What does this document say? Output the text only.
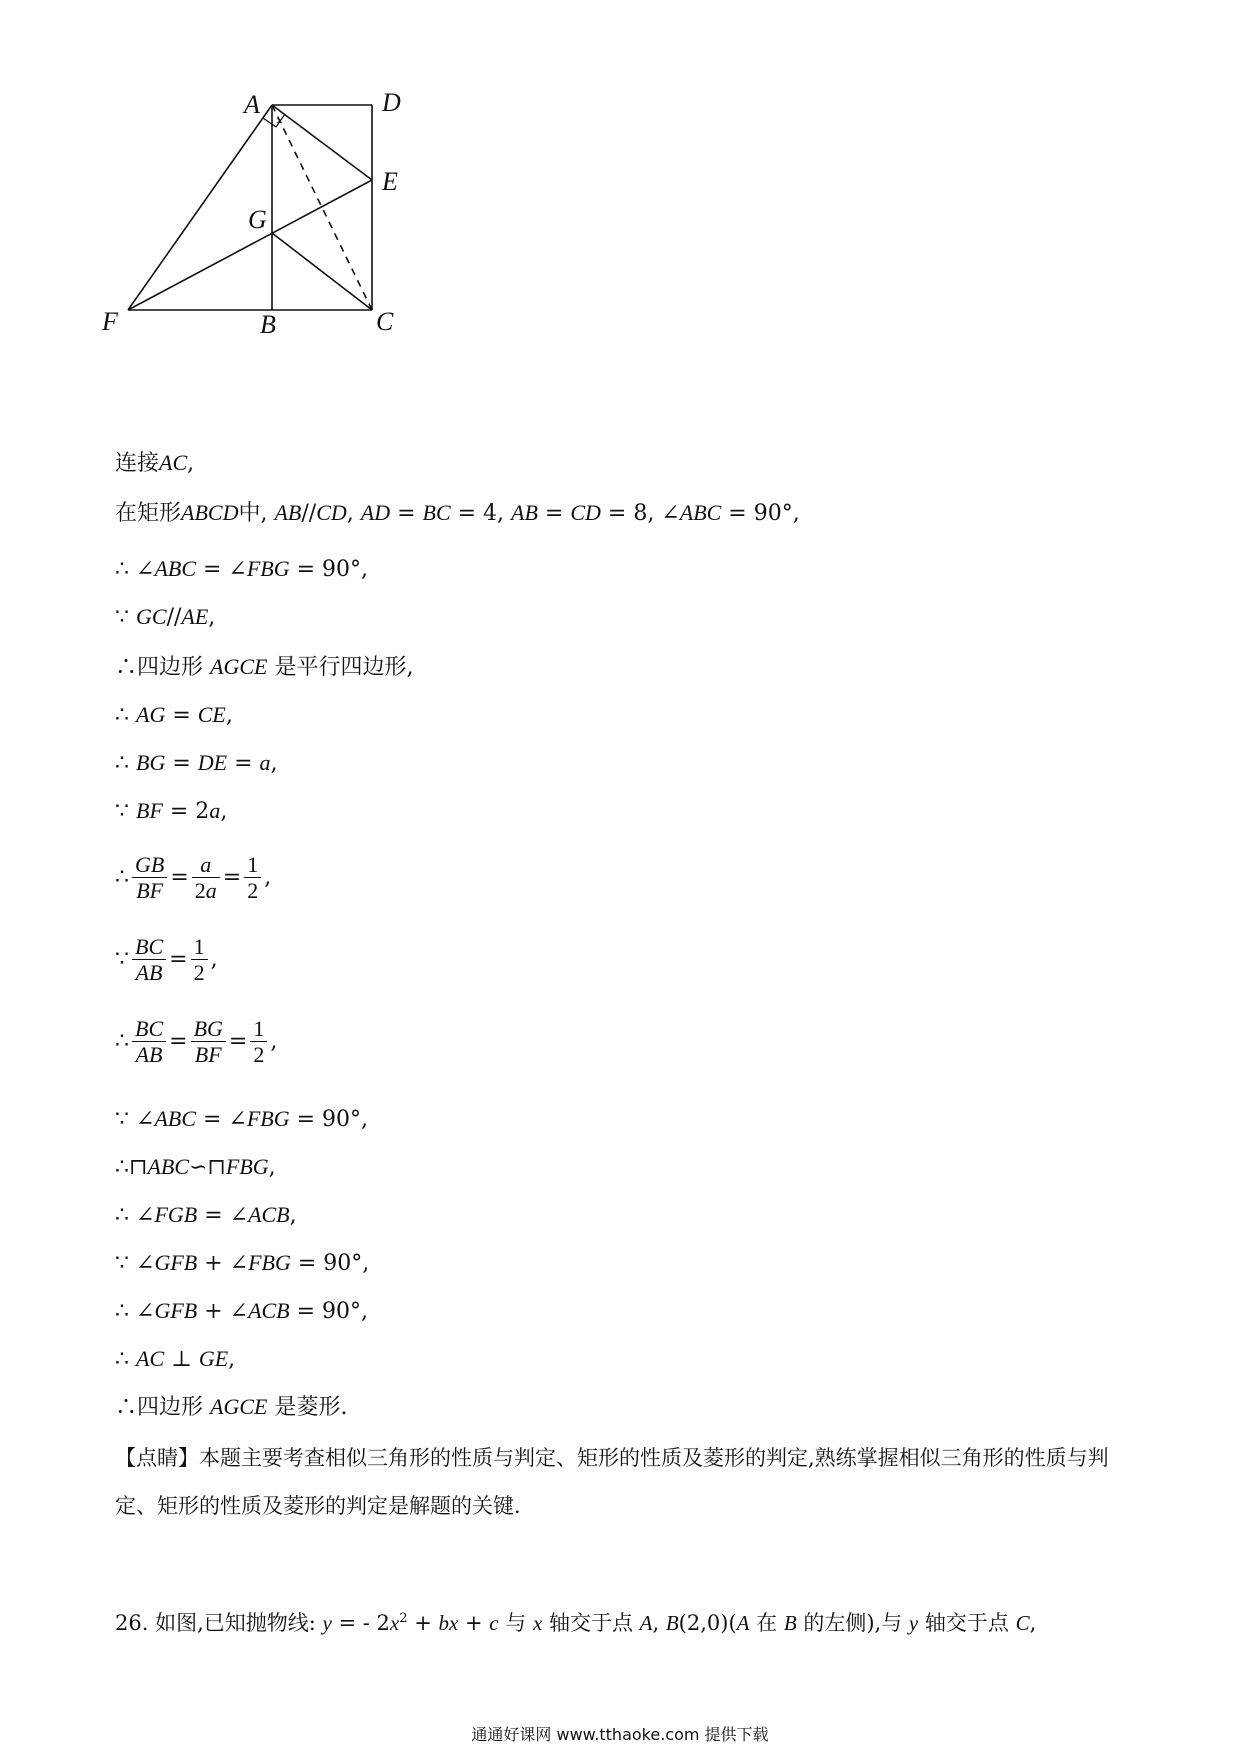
×
A	D
E
G
F	B	C
连接AC,
在矩形ABCD中, AB//CD, AD = BC = 4, AB = CD = 8, ∠ABC = 90°,
∴ ∠ABC = ∠FBG = 90°,
∵ GC//AE,
∴四边形 AGCE 是平行四边形,
∴ AG = CE,
∴ BG = DE = a,
∵ BF = 2a,
∴ $\frac{GB}{BF} = \frac{a}{2a} = \frac{1}{2}$ ,
∵ $\frac{BC}{AB} = \frac{1}{2}$ ,
∴ $\frac{BC}{AB} = \frac{BG}{BF} = \frac{1}{2}$ ,
∵ ∠ABC = ∠FBG = 90°,
∴⊓ABC∽⊓FBG,
∴ ∠FGB = ∠ACB,
∵ ∠GFB + ∠FBG = 90°,
∴ ∠GFB + ∠ACB = 90°,
∴ AC ⊥ GE,
∴四边形 AGCE 是菱形.
【点睛】本题主要考查相似三角形的性质与判定、矩形的性质及菱形的判定,熟练掌握相似三角形的性质与判定、矩形的性质及菱形的判定是解题的关键.
26. 如图,已知抛物线: y = - $2x^2$ + bx + c 与 x 轴交于点 A, B(2,0)(A 在 B 的左侧),与 y 轴交于点 C,
通通好课网 www.tthaoke.com 提供下载
